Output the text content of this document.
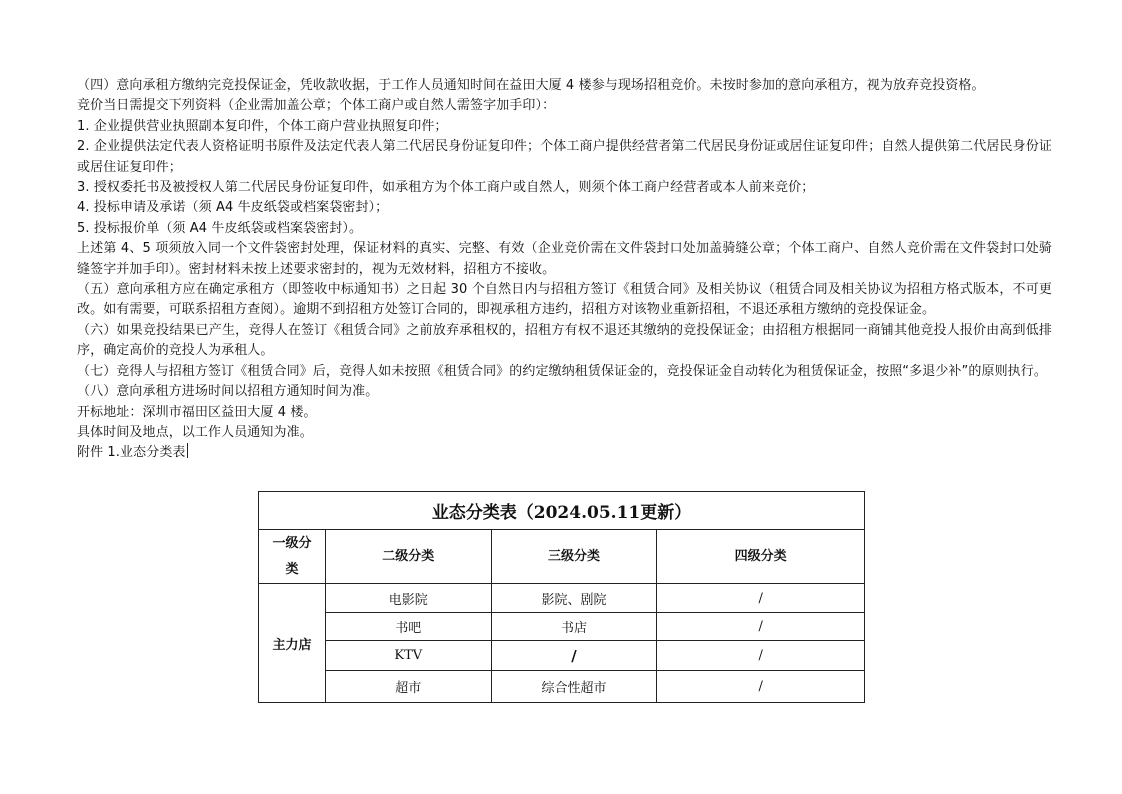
（四）意向承租方缴纳完竞投保证金，凭收款收据，于工作人员通知时间在益田大厦 4 楼参与现场招租竞价。未按时参加的意向承租方，视为放弃竞投资格。

竞价当日需提交下列资料（企业需加盖公章；个体工商户或自然人需签字加手印）：

1. 企业提供营业执照副本复印件，个体工商户营业执照复印件；

2. 企业提供法定代表人资格证明书原件及法定代表人第二代居民身份证复印件；个体工商户提供经营者第二代居民身份证或居住证复印件；自然人提供第二代居民身份证或居住证复印件；

3. 授权委托书及被授权人第二代居民身份证复印件，如承租方为个体工商户或自然人，则须个体工商户经营者或本人前来竞价；

4. 投标申请及承诺（须 A4 牛皮纸袋或档案袋密封）；

5. 投标报价单（须 A4 牛皮纸袋或档案袋密封）。

上述第 4、5 项须放入同一个文件袋密封处理，保证材料的真实、完整、有效（企业竞价需在文件袋封口处加盖骑缝公章；个体工商户、自然人竞价需在文件袋封口处骑缝签字并加手印）。密封材料未按上述要求密封的，视为无效材料，招租方不接收。

（五）意向承租方应在确定承租方（即签收中标通知书）之日起 30 个自然日内与招租方签订《租赁合同》及相关协议（租赁合同及相关协议为招租方格式版本，不可更改。如有需要，可联系招租方查阅）。逾期不到招租方处签订合同的，即视承租方违约，招租方对该物业重新招租，不退还承租方缴纳的竞投保证金。

（六）如果竞投结果已产生，竞得人在签订《租赁合同》之前放弃承租权的，招租方有权不退还其缴纳的竞投保证金；由招租方根据同一商铺其他竞投人报价由高到低排序，确定高价的竞投人为承租人。

（七）竞得人与招租方签订《租赁合同》后，竞得人如未按照《租赁合同》的约定缴纳租赁保证金的，竞投保证金自动转化为租赁保证金，按照“多退少补”的原则执行。

（八）意向承租方进场时间以招租方通知时间为准。

开标地址：深圳市福田区益田大厦 4 楼。

具体时间及地点，以工作人员通知为准。

附件 1.业态分类表

业态分类表（2024.05.11更新）			

一级分类	二级分类	三级分类	四级分类
主力店	电影院	影院、剧院	/
	书吧	书店	/
	KTV	/	/
	超市	综合性超市	/
